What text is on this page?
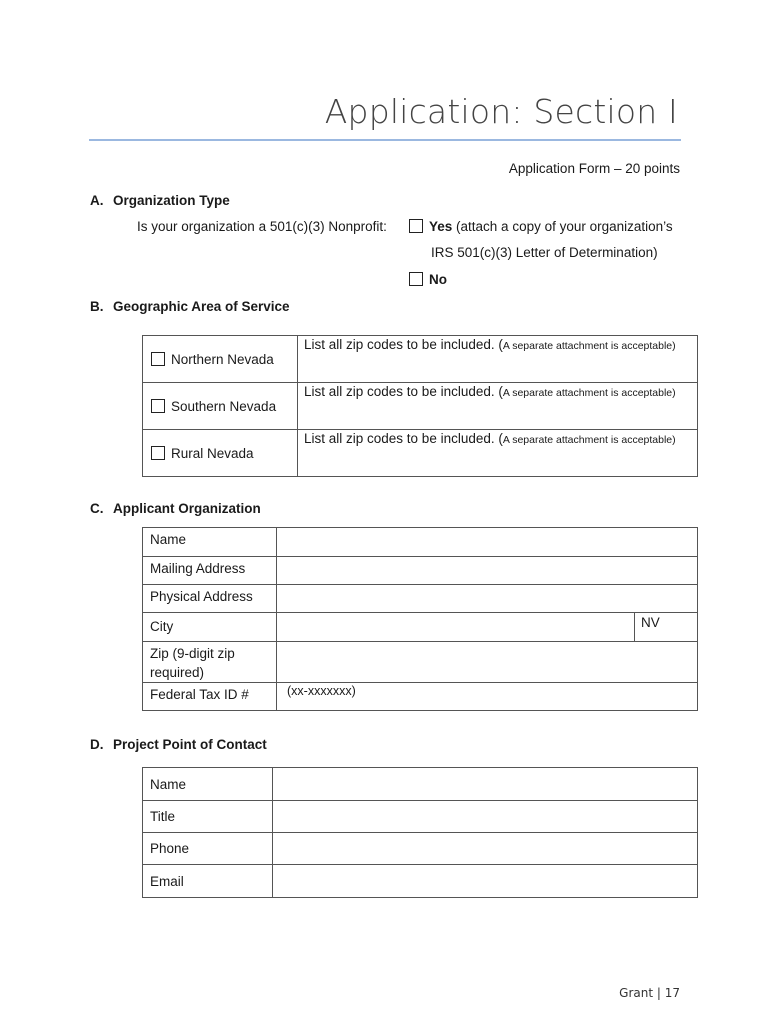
Application: Section I
Application Form – 20 points
A. Organization Type
Is your organization a 501(c)(3) Nonprofit:	Yes (attach a copy of your organization’s
IRS 501(c)(3) Letter of Determination)
No
B. Geographic Area of Service
Northern Nevada	List all zip codes to be included. (A separate attachment is acceptable)
Southern Nevada	List all zip codes to be included. (A separate attachment is acceptable)
Rural Nevada	List all zip codes to be included. (A separate attachment is acceptable)
C. Applicant Organization
Name		
Mailing Address		
Physical Address		
City		NV
Zip (9-digit zip required)		
Federal Tax ID #	(xx-xxxxxxx)	
D. Project Point of Contact
Name	
Title	
Phone	
Email	
Grant | 17
